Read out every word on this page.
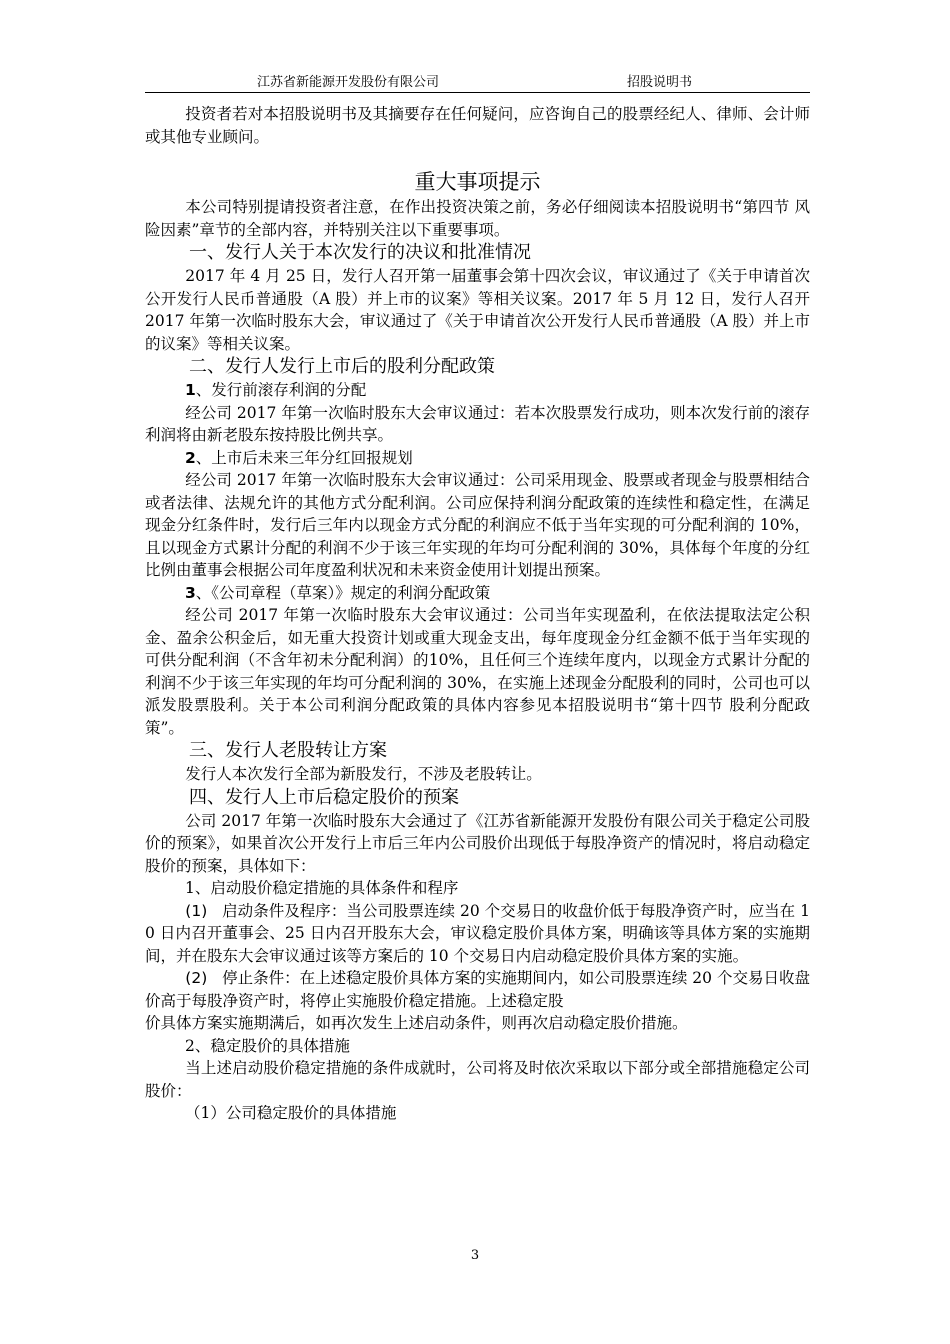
江苏省新能源开发股份有限公司	招股说明书

投资者若对本招股说明书及其摘要存在任何疑问，应咨询自己的股票经纪人、律师、会计师或其他专业顾问。

重大事项提示

本公司特别提请投资者注意，在作出投资决策之前，务必仔细阅读本招股说明书“第四节 风险因素”章节的全部内容，并特别关注以下重要事项。

一、发行人关于本次发行的决议和批准情况

2017 年 4 月 25 日，发行人召开第一届董事会第十四次会议，审议通过了《关于申请首次公开发行人民币普通股（A 股）并上市的议案》等相关议案。2017 年 5 月 12 日，发行人召开 2017 年第一次临时股东大会，审议通过了《关于申请首次公开发行人民币普通股（A 股）并上市的议案》等相关议案。

二、发行人发行上市后的股利分配政策

1、发行前滚存利润的分配

经公司 2017 年第一次临时股东大会审议通过：若本次股票发行成功，则本次发行前的滚存利润将由新老股东按持股比例共享。

2、上市后未来三年分红回报规划

经公司 2017 年第一次临时股东大会审议通过：公司采用现金、股票或者现金与股票相结合或者法律、法规允许的其他方式分配利润。公司应保持利润分配政策的连续性和稳定性，在满足现金分红条件时，发行后三年内以现金方式分配的利润应不低于当年实现的可分配利润的 10%，且以现金方式累计分配的利润不少于该三年实现的年均可分配利润的 30%，具体每个年度的分红比例由董事会根据公司年度盈利状况和未来资金使用计划提出预案。

3、《公司章程（草案）》规定的利润分配政策

经公司 2017 年第一次临时股东大会审议通过：公司当年实现盈利，在依法提取法定公积金、盈余公积金后，如无重大投资计划或重大现金支出，每年度现金分红金额不低于当年实现的可供分配利润（不含年初未分配利润）的10%，且任何三个连续年度内，以现金方式累计分配的利润不少于该三年实现的年均可分配利润的 30%，在实施上述现金分配股利的同时，公司也可以派发股票股利。关于本公司利润分配政策的具体内容参见本招股说明书“第十四节 股利分配政策”。

三、发行人老股转让方案

发行人本次发行全部为新股发行，不涉及老股转让。

四、发行人上市后稳定股价的预案

公司 2017 年第一次临时股东大会通过了《江苏省新能源开发股份有限公司关于稳定公司股价的预案》，如果首次公开发行上市后三年内公司股价出现低于每股净资产的情况时，将启动稳定股价的预案，具体如下：

1、启动股价稳定措施的具体条件和程序

(1) 启动条件及程序：当公司股票连续 20 个交易日的收盘价低于每股净资产时，应当在 10 日内召开董事会、25 日内召开股东大会，审议稳定股价具体方案，明确该等具体方案的实施期间，并在股东大会审议通过该等方案后的 10 个交易日内启动稳定股价具体方案的实施。

(2) 停止条件：在上述稳定股价具体方案的实施期间内，如公司股票连续 20 个交易日收盘价高于每股净资产时，将停止实施股价稳定措施。上述稳定股

价具体方案实施期满后，如再次发生上述启动条件，则再次启动稳定股价措施。

2、稳定股价的具体措施

当上述启动股价稳定措施的条件成就时，公司将及时依次采取以下部分或全部措施稳定公司股价：

（1）公司稳定股价的具体措施

3
